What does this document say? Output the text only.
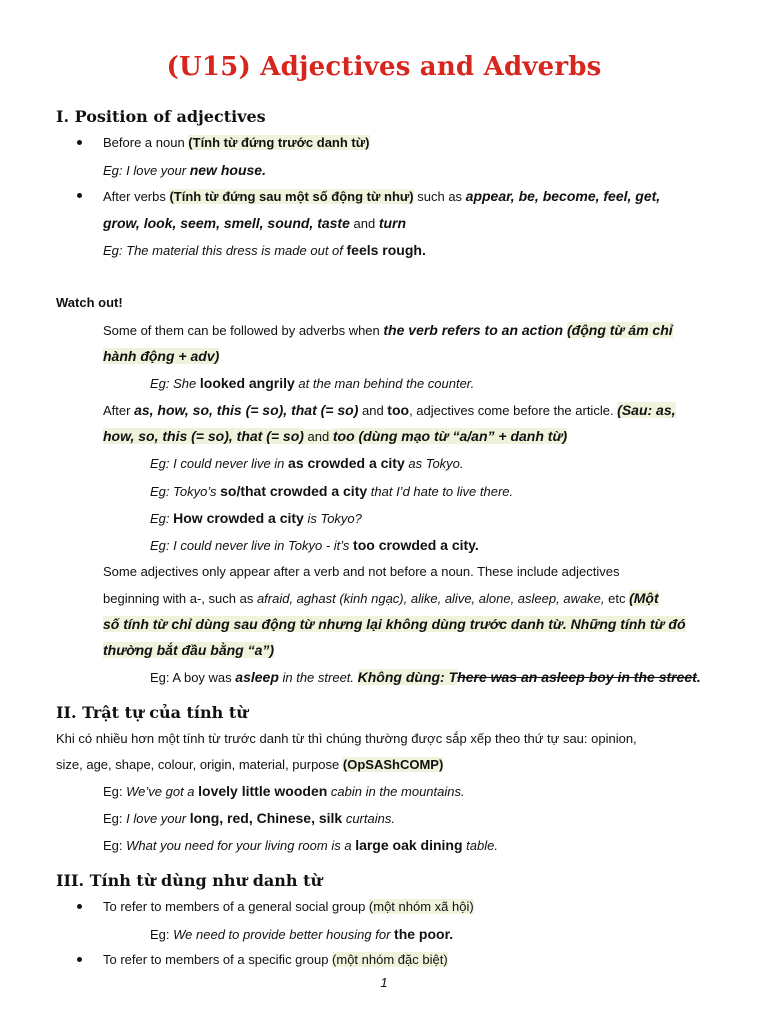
(U15) Adjectives and Adverbs
I. Position of adjectives
Before a noun (Tính từ đứng trước danh từ)
Eg: I love your new house.
After verbs (Tính từ đứng sau một số động từ như) such as appear, be, become, feel, get,
grow, look, seem, smell, sound, taste and turn
Eg: The material this dress is made out of feels rough.
Watch out!
Some of them can be followed by adverbs when the verb refers to an action (động từ ám chỉ
hành động + adv)
Eg: She looked angrily at the man behind the counter.
After as, how, so, this (= so), that (= so) and too, adjectives come before the article. (Sau: as,
how, so, this (= so), that (= so) and too (dùng mạo từ “a/an” + danh từ)
Eg: I could never live in as crowded a city as Tokyo.
Eg: Tokyo’s so/that crowded a city that I’d hate to live there.
Eg: How crowded a city is Tokyo?
Eg: I could never live in Tokyo - it’s too crowded a city.
Some adjectives only appear after a verb and not before a noun. These include adjectives
beginning with a-, such as afraid, aghast (kinh ngạc), alike, alive, alone, asleep, awake, etc (Một
số tính từ chỉ dùng sau động từ nhưng lại không dùng trước danh từ. Những tính từ đó
thường bắt đầu bằng “a”)
Eg: A boy was asleep in the street. Không dùng: There was an asleep boy in the street.
II. Trật tự của tính từ
Khi có nhiều hơn một tính từ trước danh từ thì chúng thường được sắp xếp theo thứ tự sau: opinion,
size, age, shape, colour, origin, material, purpose (OpSAShCOMP)
Eg: We’ve got a lovely little wooden cabin in the mountains.
Eg: I love your long, red, Chinese, silk curtains.
Eg: What you need for your living room is a large oak dining table.
III. Tính từ dùng như danh từ
To refer to members of a general social group (một nhóm xã hội)
Eg: We need to provide better housing for the poor.
To refer to members of a specific group (một nhóm đặc biệt)
1
